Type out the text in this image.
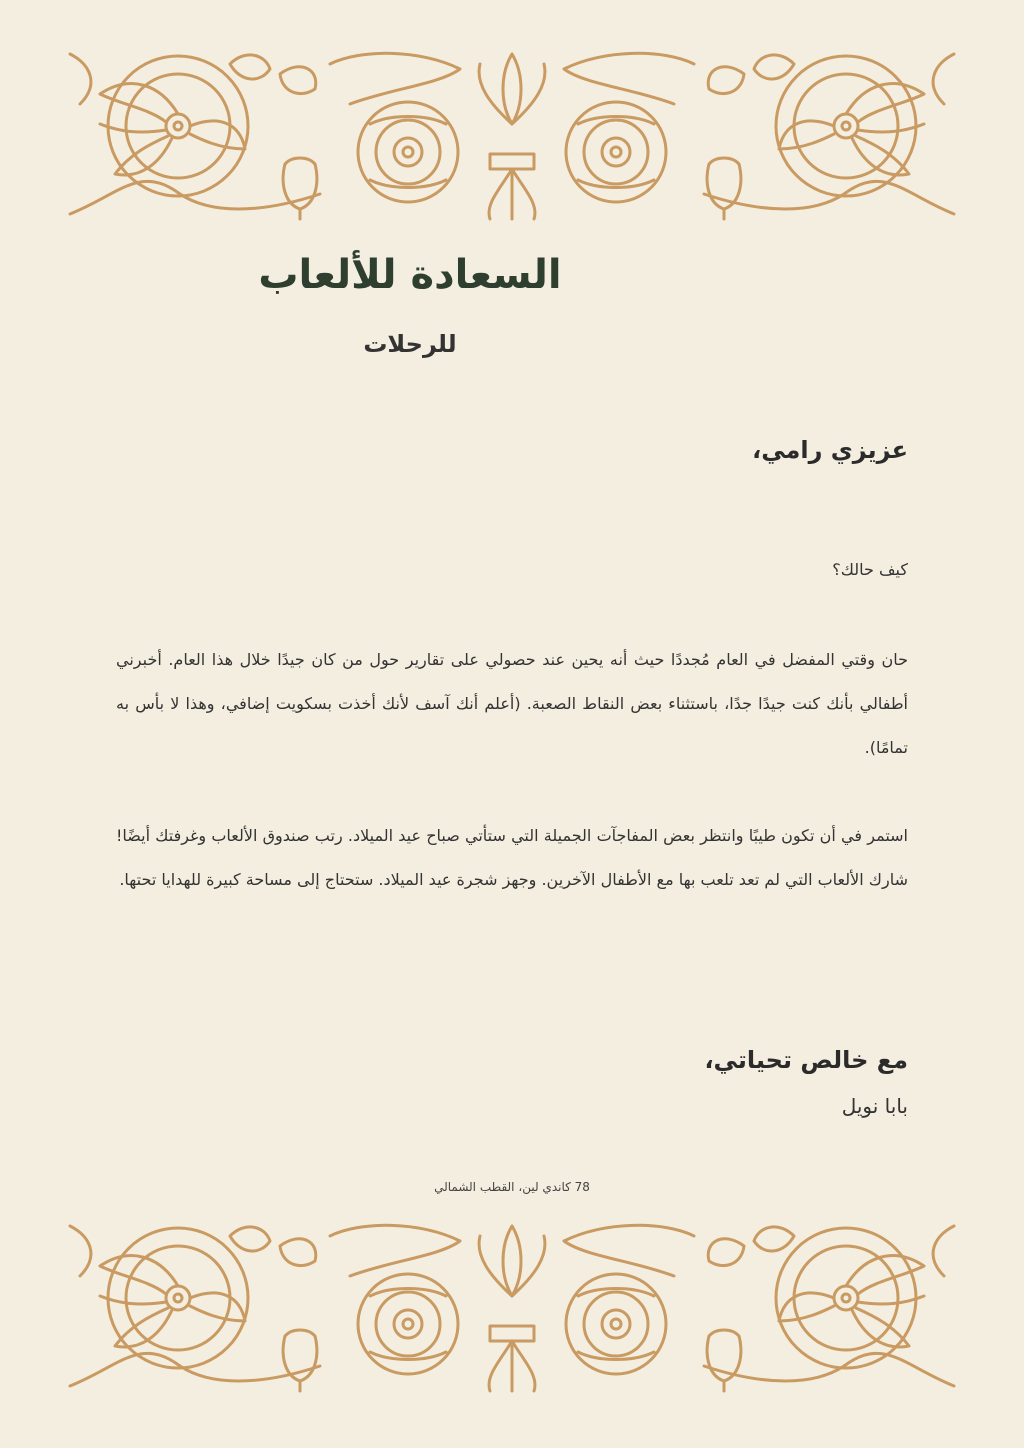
السعادة للألعاب
للرحلات

عزيزي رامي،

كيف حالك؟

حان وقتي المفضل في العام مُجددًا حيث أنه يحين عند حصولي على تقارير حول من كان جيدًا خلال هذا العام. أخبرني أطفالي بأنك كنت جيدًا جدًا، باستثناء بعض النقاط الصعبة. (أعلم أنك آسف لأنك أخذت بسكويت إضافي، وهذا لا بأس به تمامًا).

استمر في أن تكون طيبًا وانتظر بعض المفاجآت الجميلة التي ستأتي صباح عيد الميلاد. رتب صندوق الألعاب وغرفتك أيضًا! شارك الألعاب التي لم تعد تلعب بها مع الأطفال الآخرين. وجهز شجرة عيد الميلاد. ستحتاج إلى مساحة كبيرة للهدايا تحتها.

مع خالص تحياتي،

بابا نويل

78 كاندي لين، القطب الشمالي
